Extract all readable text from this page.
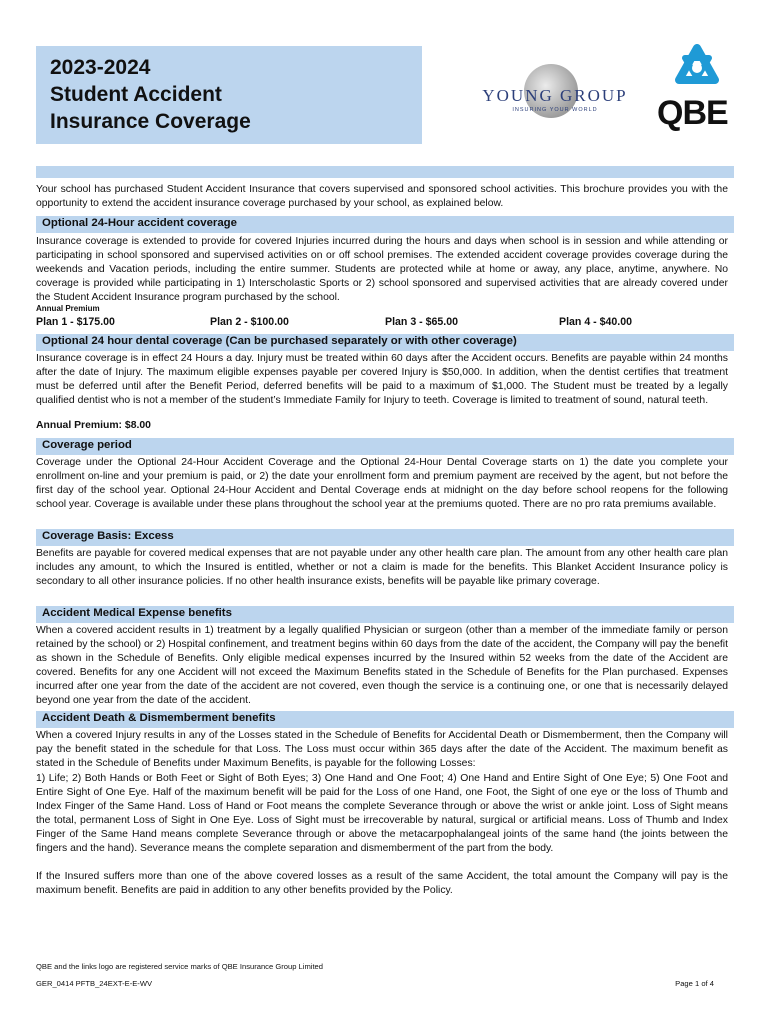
2023-2024
Student Accident
Insurance Coverage
YOUNG GROUP
INSURING YOUR WORLD	QBE
Your school has purchased Student Accident Insurance that covers supervised and sponsored school activities. This brochure provides you with the opportunity to extend the accident insurance coverage purchased by your school, as explained below.
Optional 24-Hour accident coverage
Insurance coverage is extended to provide for covered Injuries incurred during the hours and days when school is in session and while attending or participating in school sponsored and supervised activities on or off school premises. The extended accident coverage provides coverage during the weekends and Vacation periods, including the entire summer. Students are protected while at home or away, any place, anytime, anywhere. No coverage is provided while participating in 1) Interscholastic Sports or 2) school sponsored and supervised activities that are already covered under the Student Accident Insurance program purchased by the school.
Annual Premium
Plan 1 - $175.00	Plan 2 - $100.00	Plan 3 - $65.00	Plan 4 - $40.00
Optional 24 hour dental coverage (Can be purchased separately or with other coverage)
Insurance coverage is in effect 24 Hours a day. Injury must be treated within 60 days after the Accident occurs. Benefits are payable within 24 months after the date of Injury. The maximum eligible expenses payable per covered Injury is $50,000. In addition, when the dentist certifies that treatment must be deferred until after the Benefit Period, deferred benefits will be paid to a maximum of $1,000. The Student must be treated by a legally qualified dentist who is not a member of the student’s Immediate Family for Injury to teeth. Coverage is limited to treatment of sound, natural teeth.
Annual Premium: $8.00
Coverage period
Coverage under the Optional 24-Hour Accident Coverage and the Optional 24-Hour Dental Coverage starts on 1) the date you complete your enrollment on-line and your premium is paid, or 2) the date your enrollment form and premium payment are received by the agent, but not before the first day of the school year. Optional 24-Hour Accident and Dental Coverage ends at midnight on the day before school reopens for the following school year. Coverage is available under these plans throughout the school year at the premiums quoted. There are no pro rata premiums available.
Coverage Basis: Excess
Benefits are payable for covered medical expenses that are not payable under any other health care plan. The amount from any other health care plan includes any amount, to which the Insured is entitled, whether or not a claim is made for the benefits. This Blanket Accident Insurance policy is secondary to all other insurance policies. If no other health insurance exists, benefits will be payable like primary coverage.
Accident Medical Expense benefits
When a covered accident results in 1) treatment by a legally qualified Physician or surgeon (other than a member of the immediate family or person retained by the school) or 2) Hospital confinement, and treatment begins within 60 days from the date of the accident, the Company will pay the benefit as shown in the Schedule of Benefits. Only eligible medical expenses incurred by the Insured within 52 weeks from the date of the Accident are covered. Benefits for any one Accident will not exceed the Maximum Benefits stated in the Schedule of Benefits for the Plan purchased. Expenses incurred after one year from the date of the accident are not covered, even though the service is a continuing one, or one that is necessarily delayed beyond one year from the date of the accident.
Accident Death & Dismemberment benefits
When a covered Injury results in any of the Losses stated in the Schedule of Benefits for Accidental Death or Dismemberment, then the Company will pay the benefit stated in the schedule for that Loss. The Loss must occur within 365 days after the date of the Accident. The maximum benefit as stated in the Schedule of Benefits under Maximum Benefits, is payable for the following Losses:
1) Life; 2) Both Hands or Both Feet or Sight of Both Eyes; 3) One Hand and One Foot; 4) One Hand and Entire Sight of One Eye; 5) One Foot and Entire Sight of One Eye. Half of the maximum benefit will be paid for the Loss of one Hand, one Foot, the Sight of one eye or the loss of Thumb and Index Finger of the Same Hand. Loss of Hand or Foot means the complete Severance through or above the wrist or ankle joint. Loss of Sight means the total, permanent Loss of Sight in One Eye. Loss of Sight must be irrecoverable by natural, surgical or artificial means. Loss of Thumb and Index Finger of the Same Hand means complete Severance through or above the metacarpophalangeal joints of the same hand (the joints between the fingers and the hand). Severance means the complete separation and dismemberment of the part from the body.
If the Insured suffers more than one of the above covered losses as a result of the same Accident, the total amount the Company will pay is the maximum benefit. Benefits are paid in addition to any other benefits provided by the Policy.
QBE and the links logo are registered service marks of QBE Insurance Group Limited
GER_0414 PFTB_24EXT-E-E-WV	Page 1 of 4
